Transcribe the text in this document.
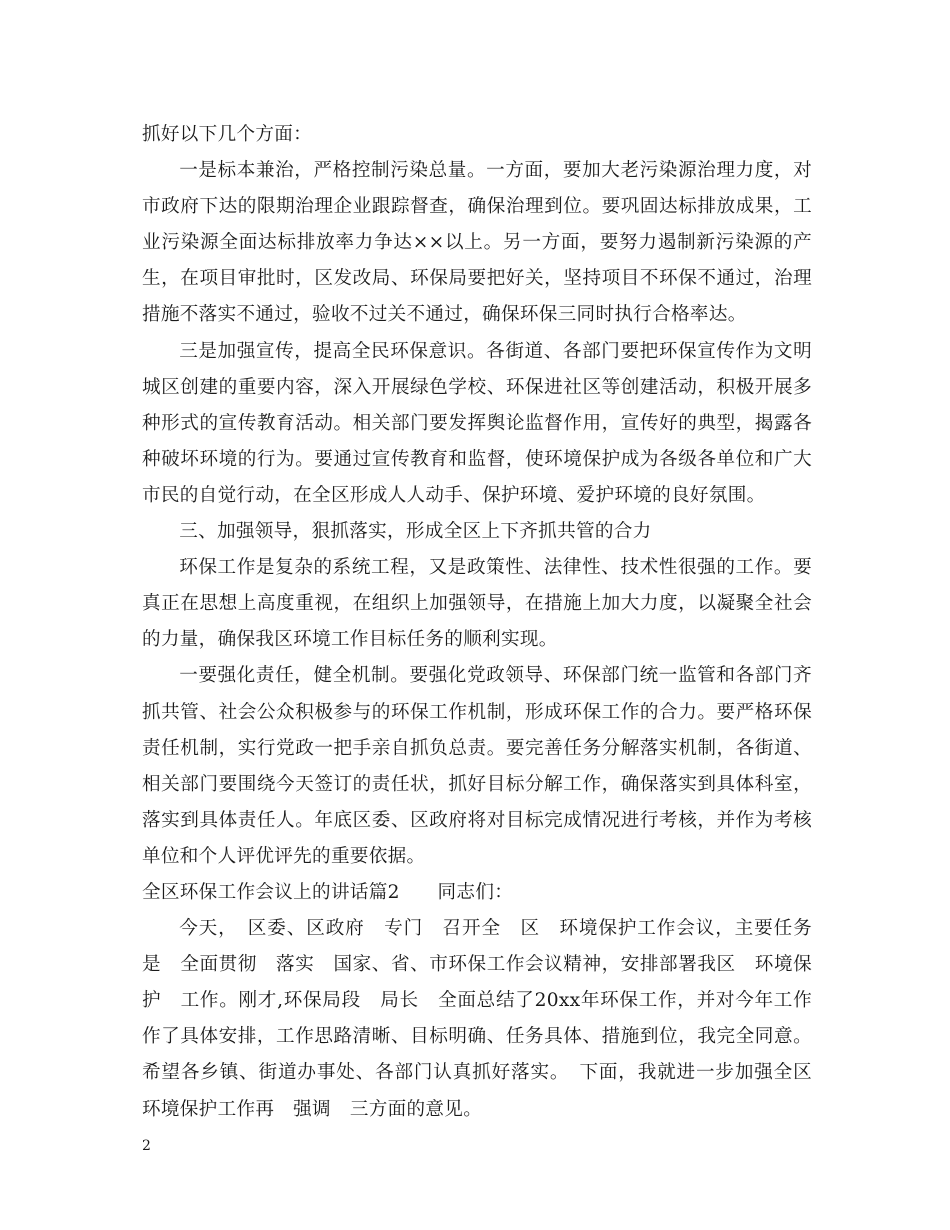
抓好以下几个方面：

一是标本兼治，严格控制污染总量。一方面，要加大老污染源治理力度，对市政府下达的限期治理企业跟踪督查，确保治理到位。要巩固达标排放成果，工业污染源全面达标排放率力争达××以上。另一方面，要努力遏制新污染源的产生，在项目审批时，区发改局、环保局要把好关，坚持项目不环保不通过，治理措施不落实不通过，验收不过关不通过，确保环保三同时执行合格率达。

三是加强宣传，提高全民环保意识。各街道、各部门要把环保宣传作为文明城区创建的重要内容，深入开展绿色学校、环保进社区等创建活动，积极开展多种形式的宣传教育活动。相关部门要发挥舆论监督作用，宣传好的典型，揭露各种破坏环境的行为。要通过宣传教育和监督，使环境保护成为各级各单位和广大市民的自觉行动，在全区形成人人动手、保护环境、爱护环境的良好氛围。

三、加强领导，狠抓落实，形成全区上下齐抓共管的合力

环保工作是复杂的系统工程，又是政策性、法律性、技术性很强的工作。要真正在思想上高度重视，在组织上加强领导，在措施上加大力度，以凝聚全社会的力量，确保我区环境工作目标任务的顺利实现。

一要强化责任，健全机制。要强化党政领导、环保部门统一监管和各部门齐抓共管、社会公众积极参与的环保工作机制，形成环保工作的合力。要严格环保责任机制，实行党政一把手亲自抓负总责。要完善任务分解落实机制，各街道、相关部门要围绕今天签订的责任状，抓好目标分解工作，确保落实到具体科室，落实到具体责任人。年底区委、区政府将对目标完成情况进行考核，并作为考核单位和个人评优评先的重要依据。

全区环保工作会议上的讲话篇2　　同志们：

今天，　区委、区政府　专门　召开全　区　环境保护工作会议，主要任务是　全面贯彻　落实　国家、省、市环保工作会议精神，安排部署我区　环境保护　工作。刚才,环保局段　局长　全面总结了20xx年环保工作，并对今年工作作了具体安排，工作思路清晰、目标明确、任务具体、措施到位，我完全同意。希望各乡镇、街道办事处、各部门认真抓好落实。　下面，我就进一步加强全区环境保护工作再　强调　三方面的意见。

2
